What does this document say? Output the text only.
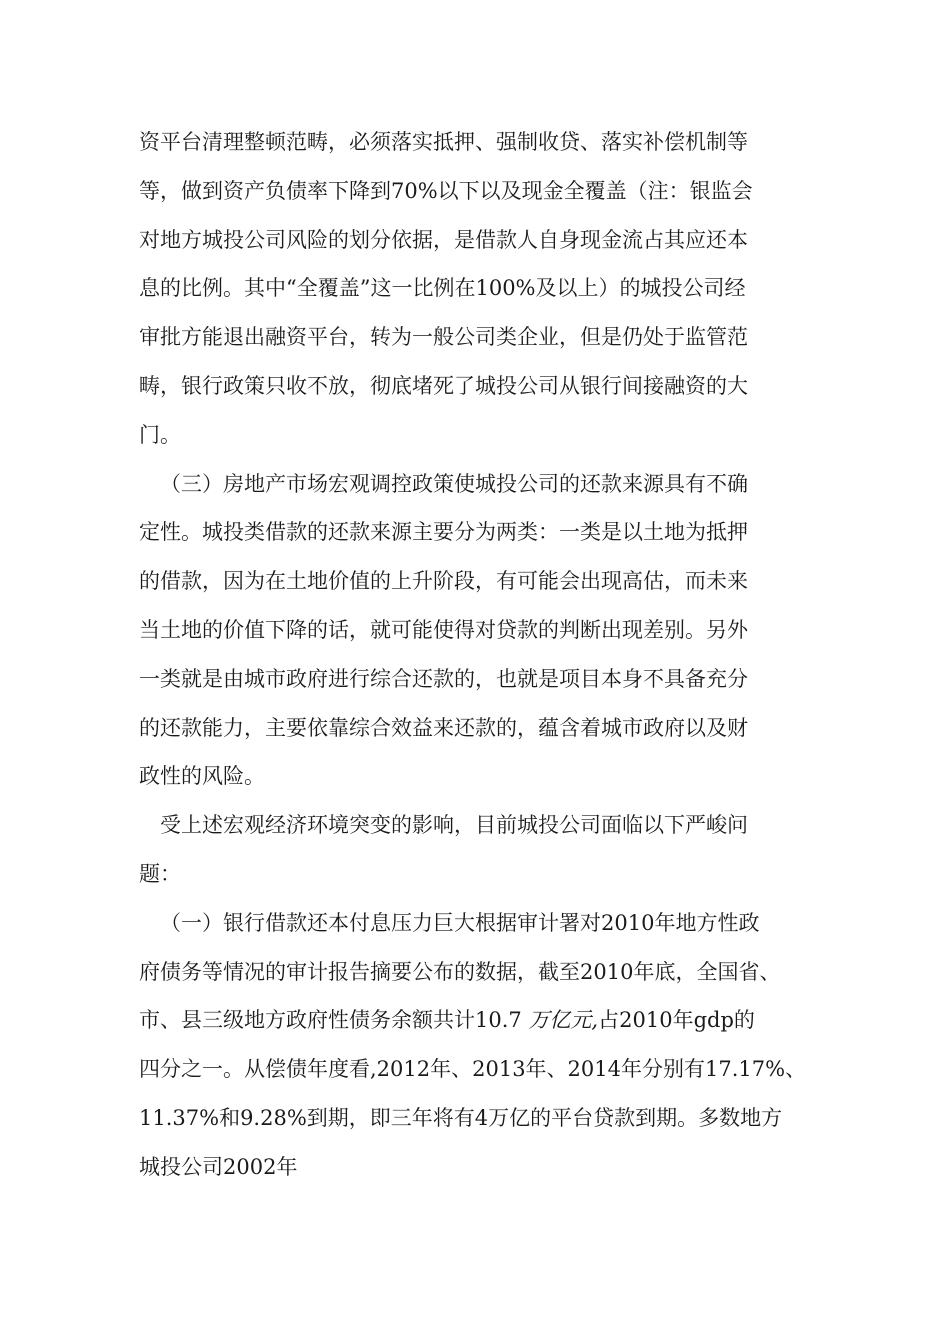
资平台清理整顿范畴，必须落实抵押、强制收贷、落实补偿机制等
等，做到资产负债率下降到70%以下以及现金全覆盖（注：银监会
对地方城投公司风险的划分依据，是借款人自身现金流占其应还本
息的比例。其中“全覆盖”这一比例在100%及以上）的城投公司经
审批方能退出融资平台，转为一般公司类企业，但是仍处于监管范
畴，银行政策只收不放，彻底堵死了城投公司从银行间接融资的大
门。
（三）房地产市场宏观调控政策使城投公司的还款来源具有不确
定性。城投类借款的还款来源主要分为两类：一类是以土地为抵押
的借款，因为在土地价值的上升阶段，有可能会出现高估，而未来
当土地的价值下降的话，就可能使得对贷款的判断出现差别。另外
一类就是由城市政府进行综合还款的，也就是项目本身不具备充分
的还款能力，主要依靠综合效益来还款的，蕴含着城市政府以及财
政性的风险。
受上述宏观经济环境突变的影响，目前城投公司面临以下严峻问
题：
（一）银行借款还本付息压力巨大根据审计署对2010年地方性政
府债务等情况的审计报告摘要公布的数据，截至2010年底，全国省、
市、县三级地方政府性债务余额共计10.7 万亿元,占2010年gdp的
四分之一。从偿债年度看,2012年、2013年、2014年分别有17.17%、
11.37%和9.28%到期，即三年将有4万亿的平台贷款到期。多数地方
城投公司2002年
